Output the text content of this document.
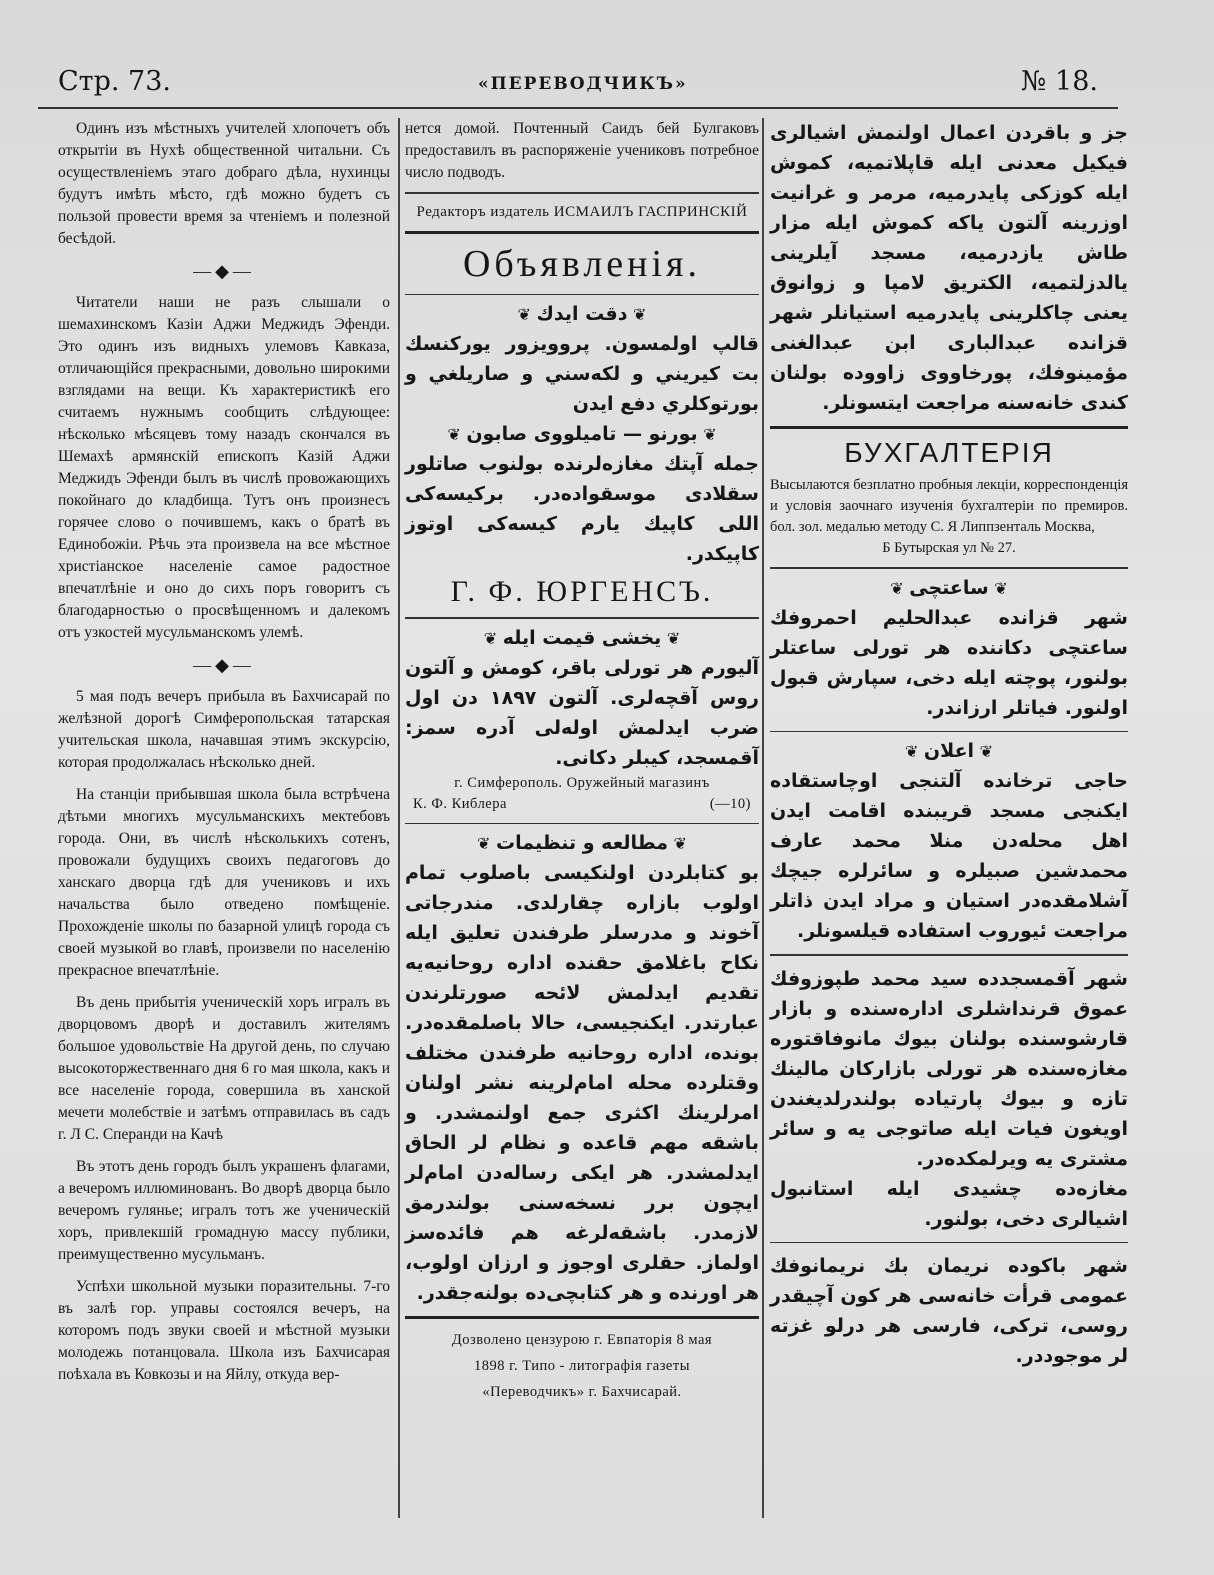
Стр. 73.	«ПЕРЕВОДЧИКЪ»	№ 18.

Одинъ изъ мѣстныхъ учителей хлопочетъ объ открытіи въ Нухѣ общественной читальни. Съ осуществленіемъ этаго добраго дѣла, нухинцы будутъ имѣть мѣсто, гдѣ можно будетъ съ пользой провести время за чтеніемъ и полезной бесѣдой.

—◆—

Читатели наши не разъ слышали о шемахинскомъ Казіи Аджи Меджидъ Эфенди. Это одинъ изъ видныхъ улемовъ Кавказа, отличающійся прекрасными, довольно широкими взглядами на вещи. Къ характеристикѣ его считаемъ нужнымъ сообщить слѣдующее: нѣсколько мѣсяцевъ тому назадъ скончался въ Шемахѣ армянскій епископъ Казій Аджи Меджидъ Эфенди былъ въ числѣ провожающихъ покойнаго до кладбища. Тутъ онъ произнесъ горячее слово о почившемъ, какъ о братѣ въ Единобожіи. Рѣчь эта произвела на все мѣстное христіанское населеніе самое радостное впечатлѣніе и оно до сихъ поръ говоритъ съ благодарностью о просвѣщенномъ и далекомъ отъ узкостей мусульманскомъ улемѣ.

—◆—

5 мая подъ вечеръ прибыла въ Бахчисарай по желѣзной дорогѣ Симферопольская татарская учительская школа, начавшая этимъ экскурсію, которая продолжалась нѣсколько дней.

На станціи прибывшая школа была встрѣчена дѣтьми многихъ мусульманскихъ мектебовъ города. Они, въ числѣ нѣсколькихъ сотенъ, провожали будущихъ своихъ педагоговъ до ханскаго дворца гдѣ для учениковъ и ихъ начальства было отведено помѣщеніе. Прохожденіе школы по базарной улицѣ города съ своей музыкой во главѣ, произвели по населенію прекрасное впечатлѣніе.

Въ день прибытія ученическій хоръ игралъ въ дворцовомъ дворѣ и доставилъ жителямъ большое удовольствіе На другой день, по случаю высокоторжественнаго дня 6 го мая школа, какъ и все населеніе города, совершила въ ханской мечети молебствіе и затѣмъ отправилась въ садъ г. Л С. Сперанди на Качѣ

Въ этотъ день городъ былъ украшенъ флагами, а вечеромъ иллюминованъ. Во дворѣ дворца было вечеромъ гулянье; игралъ тотъ же ученическій хоръ, привлекшій громадную массу публики, преимущественно мусульманъ.

Успѣхи школьной музыки поразительны. 7-го въ залѣ гор. управы состоялся вечеръ, на которомъ подъ звуки своей и мѣстной музыки молодежь потанцовала. Школа изъ Бахчисарая поѣхала въ Ковкозы и на Яйлу, откуда вер-

нется домой. Почтенный Саидъ бей Булгаковъ предоставилъ въ распоряженіе учениковъ потребное число подводъ.
Редакторъ издатель ИСМАИЛЪ ГАСПРИНСКІЙ
Объявленія.
❦ دقت ايدك ❦
قالپ اولمسون. پروويزور يوركنسك بت كيريني و لكه‌سني و صاريلغي و بورتوكلري دفع ايدن
❦ بورنو — تاميلووى صابون ❦
جمله آپتك مغازه‌لرنده بولنوب صاتلور سقلادى موسقوادەدر. بركيسه‌كى اللى كاپيك يارم كيسه‌كى اوتوز كاپيكدر.
Г. Ф. ЮРГЕНСЪ.
❦ يخشى قيمت ايله ❦
آليورم هر تورلى باقر، كومش و آلتون روس آقچه‌لرى. آلتون ۱۸۹۷ دن اول ضرب ايدلمش اوله‌لى آدره سمز: آقمسجد، كيبلر دكانى.
г. Симферополь. Оружейный магазинъ
К. Ф. Киблера	(—10)
❦ مطالعه و تنظيمات ❦
بو كتابلردن اولنكيسى باصلوب تمام اولوب بازاره چقارلدى. مندرجاتى آخوند و مدرسلر طرفندن تعليق ايله نكاح باغلامق حقنده اداره روحانيه‌يه تقديم ايدلمش لائحه صورتلرندن عبارتدر. ايكنجيسى، حالا باصلمقده‌در. بونده، اداره روحانيه طرفندن مختلف وقتلرده محله امام‌لرينه نشر اولنان امرلرينك اكثرى جمع اولنمشدر. و باشقه مهم قاعده و نظام لر الحاق ايدلمشدر. هر ايكى رساله‌دن امام‌لر ايچون برر نسخه‌سنى بولندرمق لازمدر. باشقه‌لرغه هم فائده‌سز اولماز. حقلرى اوجوز و ارزان اولوب، هر اورنده و هر كتابچى‌ده بولنه‌جقدر.
Дозволено цензурою г. Евпаторія 8 мая
1898 г. Типо - литографія газеты
«Переводчикъ» г. Бахчисарай.
جز و باقردن اعمال اولنمش اشيالرى فيكيل معدنى ايله قاپلاتميه، كموش ايله كوزكى پايدرميه، مرمر و غرانيت اوزرينه آلتون ياكه كموش ايله مزار طاش يازدرميه، مسجد آيلرينى يالدزلتميه، الكتريق لامپا و زوانوق يعنى چاكلرينى پايدرميه استيانلر شهر قزانده عبدالبارى ابن عبدالغنى مؤمينوفك، پورخاووى زاووده بولنان كندى خانه‌سنه مراجعت ايتسونلر.
БУХГАЛТЕРІЯ
Высылаются безплатно пробныя лекціи, корреспонденція и условія заочнаго изученія бухгалтеріи по премиров. бол. зол. медалью методу С. Я Липпзенталь Москва,
Б Бутырская ул № 27.
❦ ساعتچى ❦
شهر قزانده عبدالحليم احمروفك ساعتچى دكاننده هر تورلى ساعتلر بولنور، پوچته ايله دخى، سپارش قبول اولنور. فياتلر ارزاندر.
❦ اعلان ❦
حاجى ترخانده آلتنجى اوچاستقاده ايكنجى مسجد قريبنده اقامت ايدن اهل محله‌دن منلا محمد عارف محمدشين صبيلره و سائرلره جيچك آشلامقده‌در استيان و مراد ايدن ذاتلر مراجعت ئيوروب استفاده قيلسونلر.
شهر آقمسجدده سيد محمد طپوزوفك عموق قرنداشلرى اداره‌سنده و بازار قارشوسنده بولنان بيوك مانوفاقتوره مغازه‌سنده هر تورلى بازاركان مالينك تازه و بيوك پارتياده بولندرلديغندن اويغون فيات ايله صاتوجى يه و سائر مشترى يه ويرلمكده‌در.
مغازه‌ده چشيدى ايله استانبول اشيالرى دخى، بولنور.
شهر باكوده نريمان بك نريمانوفك عمومى قرأت خانه‌سى هر كون آچيقدر روسى، تركى، فارسى هر درلو غزته لر موجوددر.
